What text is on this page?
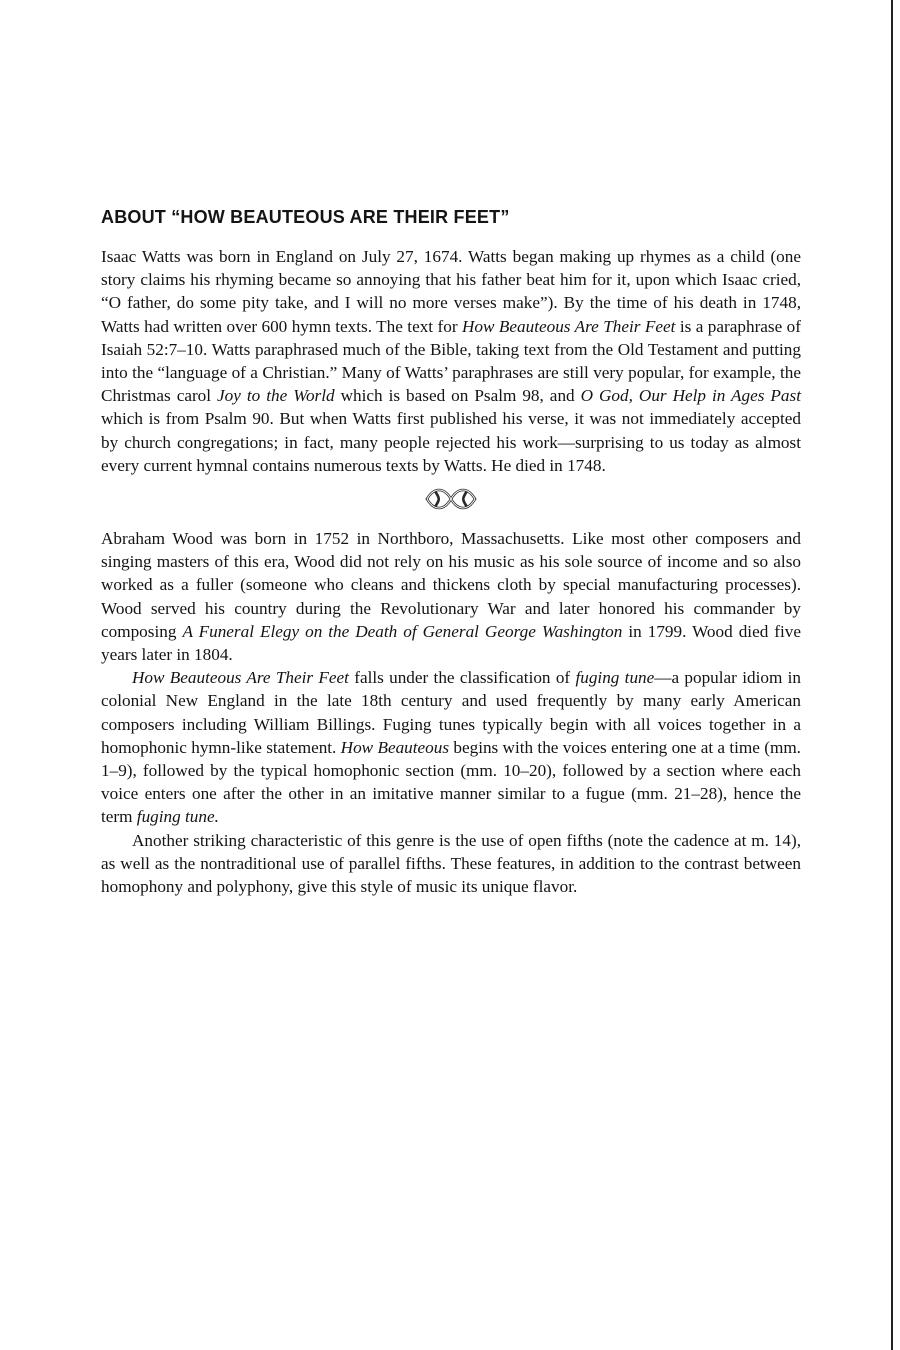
ABOUT “HOW BEAUTEOUS ARE THEIR FEET”

Isaac Watts was born in England on July 27, 1674. Watts began making up rhymes as a child (one story claims his rhyming became so annoying that his father beat him for it, upon which Isaac cried, “O father, do some pity take, and I will no more verses make”). By the time of his death in 1748, Watts had written over 600 hymn texts. The text for How Beauteous Are Their Feet is a paraphrase of Isaiah 52:7–10. Watts paraphrased much of the Bible, taking text from the Old Testament and putting into the “language of a Christian.” Many of Watts’ paraphrases are still very popular, for example, the Christmas carol Joy to the World which is based on Psalm 98, and O God, Our Help in Ages Past which is from Psalm 90. But when Watts first published his verse, it was not immediately accepted by church congregations; in fact, many people rejected his work—surprising to us today as almost every current hymnal contains numerous texts by Watts. He died in 1748.

Abraham Wood was born in 1752 in Northboro, Massachusetts. Like most other composers and singing masters of this era, Wood did not rely on his music as his sole source of income and so also worked as a fuller (someone who cleans and thickens cloth by special manufacturing processes). Wood served his country during the Revolutionary War and later honored his commander by composing A Funeral Elegy on the Death of General George Washington in 1799. Wood died five years later in 1804.

How Beauteous Are Their Feet falls under the classification of fuging tune—a popular idiom in colonial New England in the late 18th century and used frequently by many early American composers including William Billings. Fuging tunes typically begin with all voices together in a homophonic hymn-like statement. How Beauteous begins with the voices entering one at a time (mm. 1–9), followed by the typical homophonic section (mm. 10–20), followed by a section where each voice enters one after the other in an imitative manner similar to a fugue (mm. 21–28), hence the term fuging tune.

Another striking characteristic of this genre is the use of open fifths (note the cadence at m. 14), as well as the nontraditional use of parallel fifths. These features, in addition to the contrast between homophony and polyphony, give this style of music its unique flavor.
